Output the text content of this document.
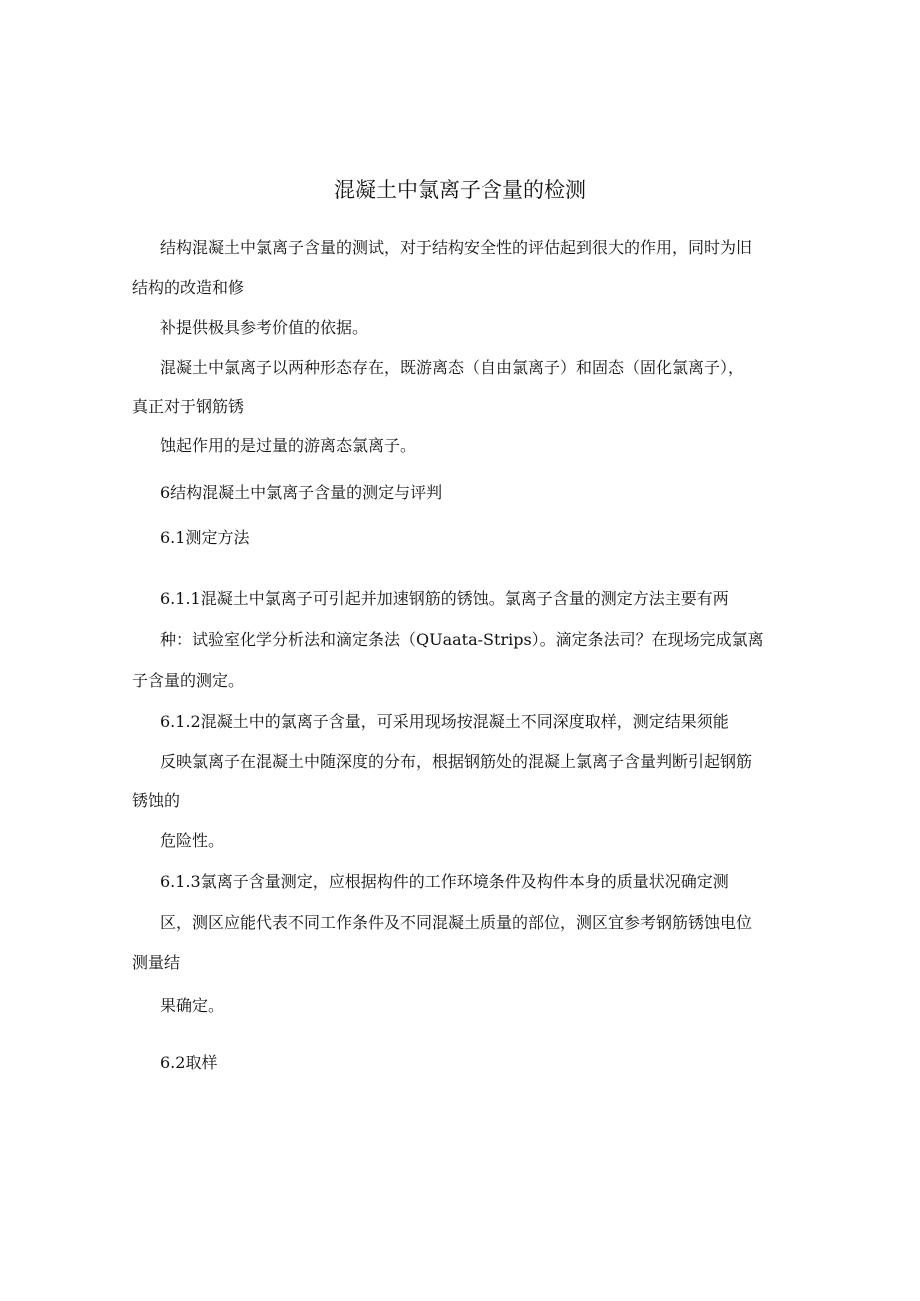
混凝土中氯离子含量的检测
结构混凝土中氯离子含量的测试，对于结构安全性的评估起到很大的作用，同时为旧
结构的改造和修
补提供极具参考价值的依据。
混凝土中氯离子以两种形态存在，既游离态（自由氯离子）和固态（固化氯离子），
真正对于钢筋锈
蚀起作用的是过量的游离态氯离子。
6结构混凝土中氯离子含量的测定与评判
6.1测定方法
6.1.1混凝土中氯离子可引起并加速钢筋的锈蚀。氯离子含量的测定方法主要有两
种：试验室化学分析法和滴定条法（QUaata-Strips）。滴定条法司？在现场完成氯离
子含量的测定。
6.1.2混凝土中的氯离子含量，可采用现场按混凝土不同深度取样，测定结果须能
反映氯离子在混凝土中随深度的分布，根据钢筋处的混凝上氯离子含量判断引起钢筋
锈蚀的
危险性。
6.1.3氯离子含量测定，应根据构件的工作环境条件及构件本身的质量状况确定测
区，测区应能代表不同工作条件及不同混凝土质量的部位，测区宜参考钢筋锈蚀电位
测量结
果确定。
6.2取样
